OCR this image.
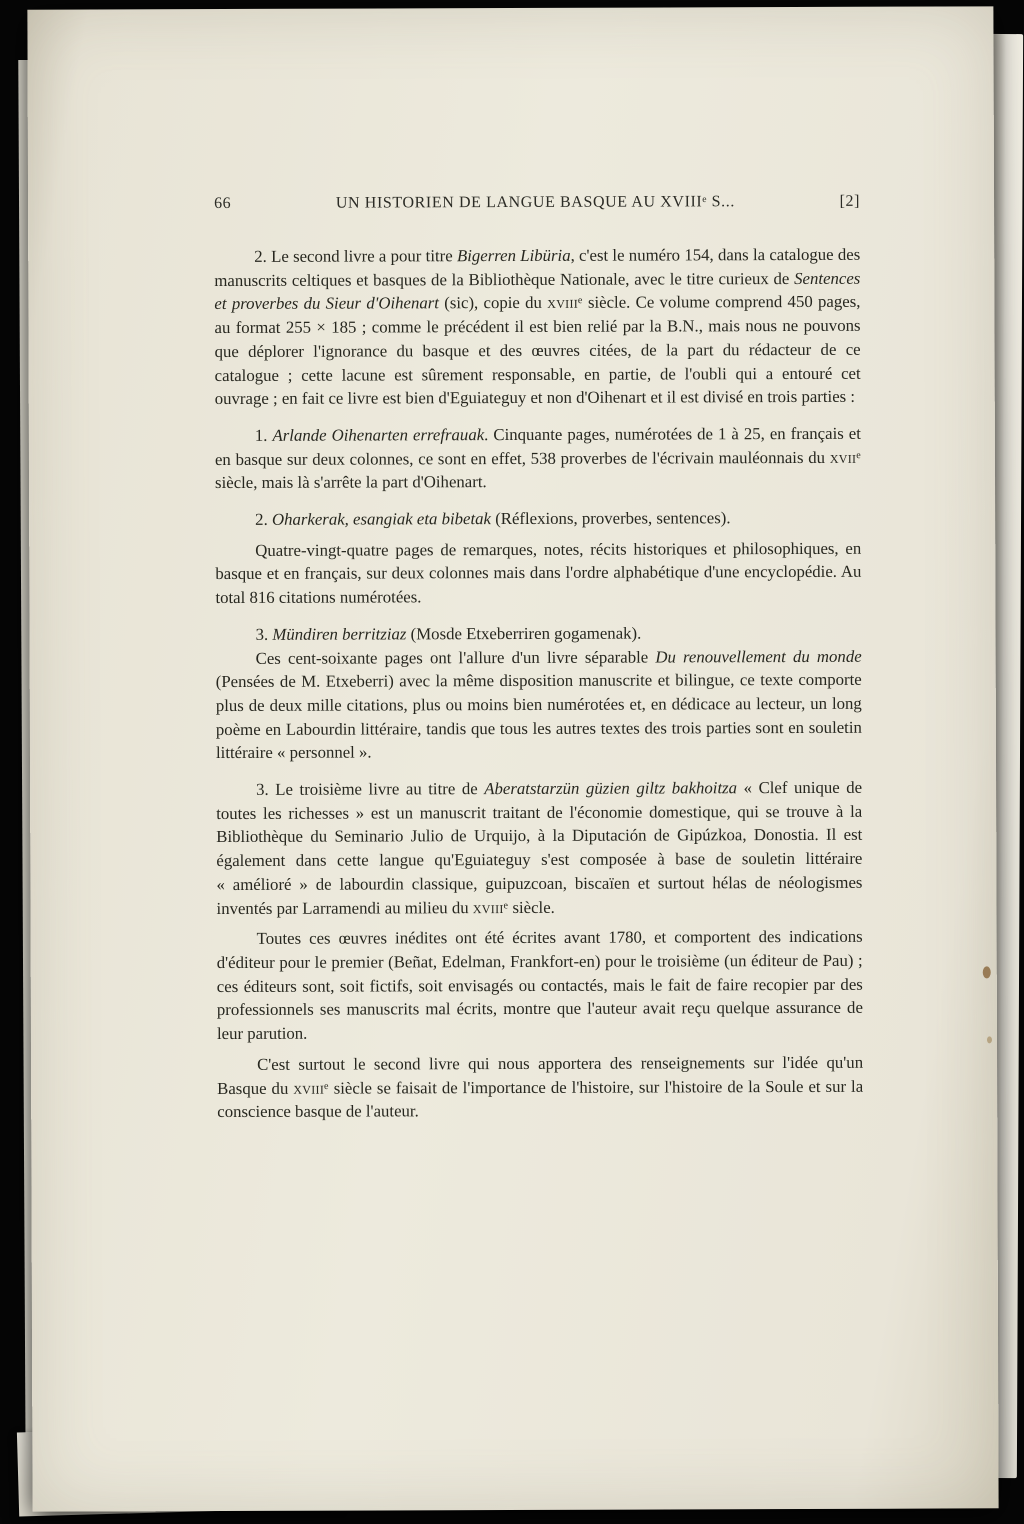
66	UN HISTORIEN DE LANGUE BASQUE AU XVIIIᵉ S...	[2]

2. Le second livre a pour titre Bigerren Libüria, c'est le numéro 154, dans la catalogue des manuscrits celtiques et basques de la Bibliothèque Nationale, avec le titre curieux de Sentences et proverbes du Sieur d'Oihenart (sic), copie du xviiiᵉ siècle. Ce volume comprend 450 pages, au format 255 × 185 ; comme le précédent il est bien relié par la B.N., mais nous ne pouvons que déplorer l'ignorance du basque et des œuvres citées, de la part du rédacteur de ce catalogue ; cette lacune est sûrement responsable, en partie, de l'oubli qui a entouré cet ouvrage ; en fait ce livre est bien d'Eguiateguy et non d'Oihenart et il est divisé en trois parties :

1. Arlande Oihenarten errefrauak. Cinquante pages, numérotées de 1 à 25, en français et en basque sur deux colonnes, ce sont en effet, 538 proverbes de l'écrivain mauléonnais du xviiᵉ siècle, mais là s'arrête la part d'Oihenart.

2. Oharkerak, esangiak eta bibetak (Réflexions, proverbes, sentences).

Quatre-vingt-quatre pages de remarques, notes, récits historiques et philosophiques, en basque et en français, sur deux colonnes mais dans l'ordre alphabétique d'une encyclopédie. Au total 816 citations numérotées.

3. Mündiren berritziaz (Mosde Etxeberriren gogamenak).

Ces cent-soixante pages ont l'allure d'un livre séparable Du renouvellement du monde (Pensées de M. Etxeberri) avec la même disposition manuscrite et bilingue, ce texte comporte plus de deux mille citations, plus ou moins bien numérotées et, en dédicace au lecteur, un long poème en Labourdin littéraire, tandis que tous les autres textes des trois parties sont en souletin littéraire « personnel ».

3. Le troisième livre au titre de Aberatstarzün güzien giltz bakhoitza « Clef unique de toutes les richesses » est un manuscrit traitant de l'économie domestique, qui se trouve à la Bibliothèque du Seminario Julio de Urquijo, à la Diputación de Gipúzkoa, Donostia. Il est également dans cette langue qu'Eguiateguy s'est composée à base de souletin littéraire « amélioré » de labourdin classique, guipuzcoan, biscaïen et surtout hélas de néologismes inventés par Larramendi au milieu du xviiiᵉ siècle.

Toutes ces œuvres inédites ont été écrites avant 1780, et comportent des indications d'éditeur pour le premier (Beñat, Edelman, Frankfort-en) pour le troisième (un éditeur de Pau) ; ces éditeurs sont, soit fictifs, soit envisagés ou contactés, mais le fait de faire recopier par des professionnels ses manuscrits mal écrits, montre que l'auteur avait reçu quelque assurance de leur parution.

C'est surtout le second livre qui nous apportera des renseignements sur l'idée qu'un Basque du xviiiᵉ siècle se faisait de l'importance de l'histoire, sur l'histoire de la Soule et sur la conscience basque de l'auteur.
